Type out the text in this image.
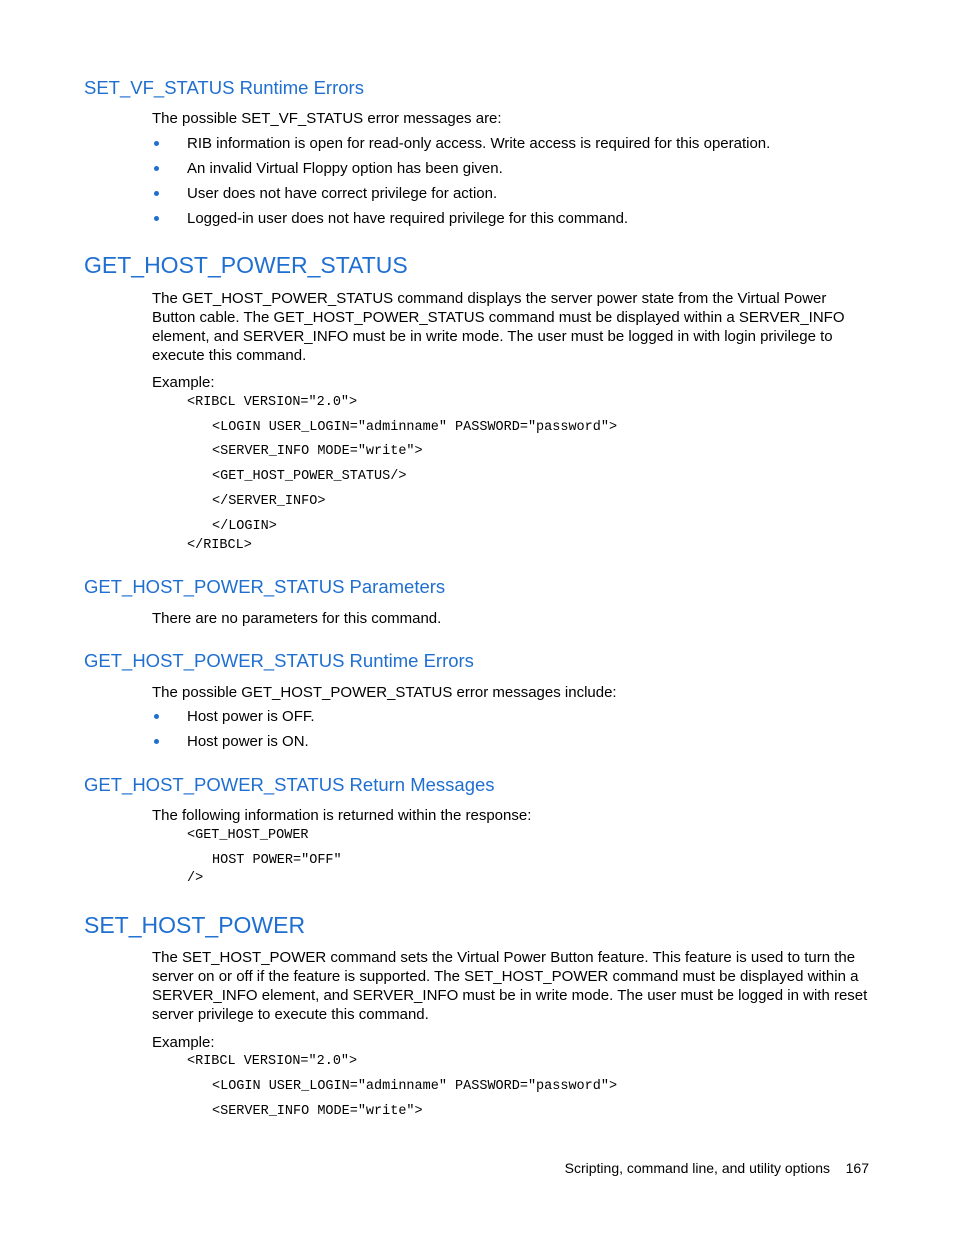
SET_VF_STATUS Runtime Errors
The possible SET_VF_STATUS error messages are:
RIB information is open for read-only access. Write access is required for this operation.
An invalid Virtual Floppy option has been given.
User does not have correct privilege for action.
Logged-in user does not have required privilege for this command.
GET_HOST_POWER_STATUS
The GET_HOST_POWER_STATUS command displays the server power state from the Virtual Power Button cable. The GET_HOST_POWER_STATUS command must be displayed within a SERVER_INFO element, and SERVER_INFO must be in write mode. The user must be logged in with login privilege to execute this command.
Example:
<RIBCL VERSION="2.0">
<LOGIN USER_LOGIN="adminname" PASSWORD="password">
<SERVER_INFO MODE="write">
<GET_HOST_POWER_STATUS/>
</SERVER_INFO>
</LOGIN>
</RIBCL>
GET_HOST_POWER_STATUS Parameters
There are no parameters for this command.
GET_HOST_POWER_STATUS Runtime Errors
The possible GET_HOST_POWER_STATUS error messages include:
Host power is OFF.
Host power is ON.
GET_HOST_POWER_STATUS Return Messages
The following information is returned within the response:
<GET_HOST_POWER
HOST POWER="OFF"
/>
SET_HOST_POWER
The SET_HOST_POWER command sets the Virtual Power Button feature. This feature is used to turn the server on or off if the feature is supported. The SET_HOST_POWER command must be displayed within a SERVER_INFO element, and SERVER_INFO must be in write mode. The user must be logged in with reset server privilege to execute this command.
Example:
<RIBCL VERSION="2.0">
<LOGIN USER_LOGIN="adminname" PASSWORD="password">
<SERVER_INFO MODE="write">
Scripting, command line, and utility options 167
